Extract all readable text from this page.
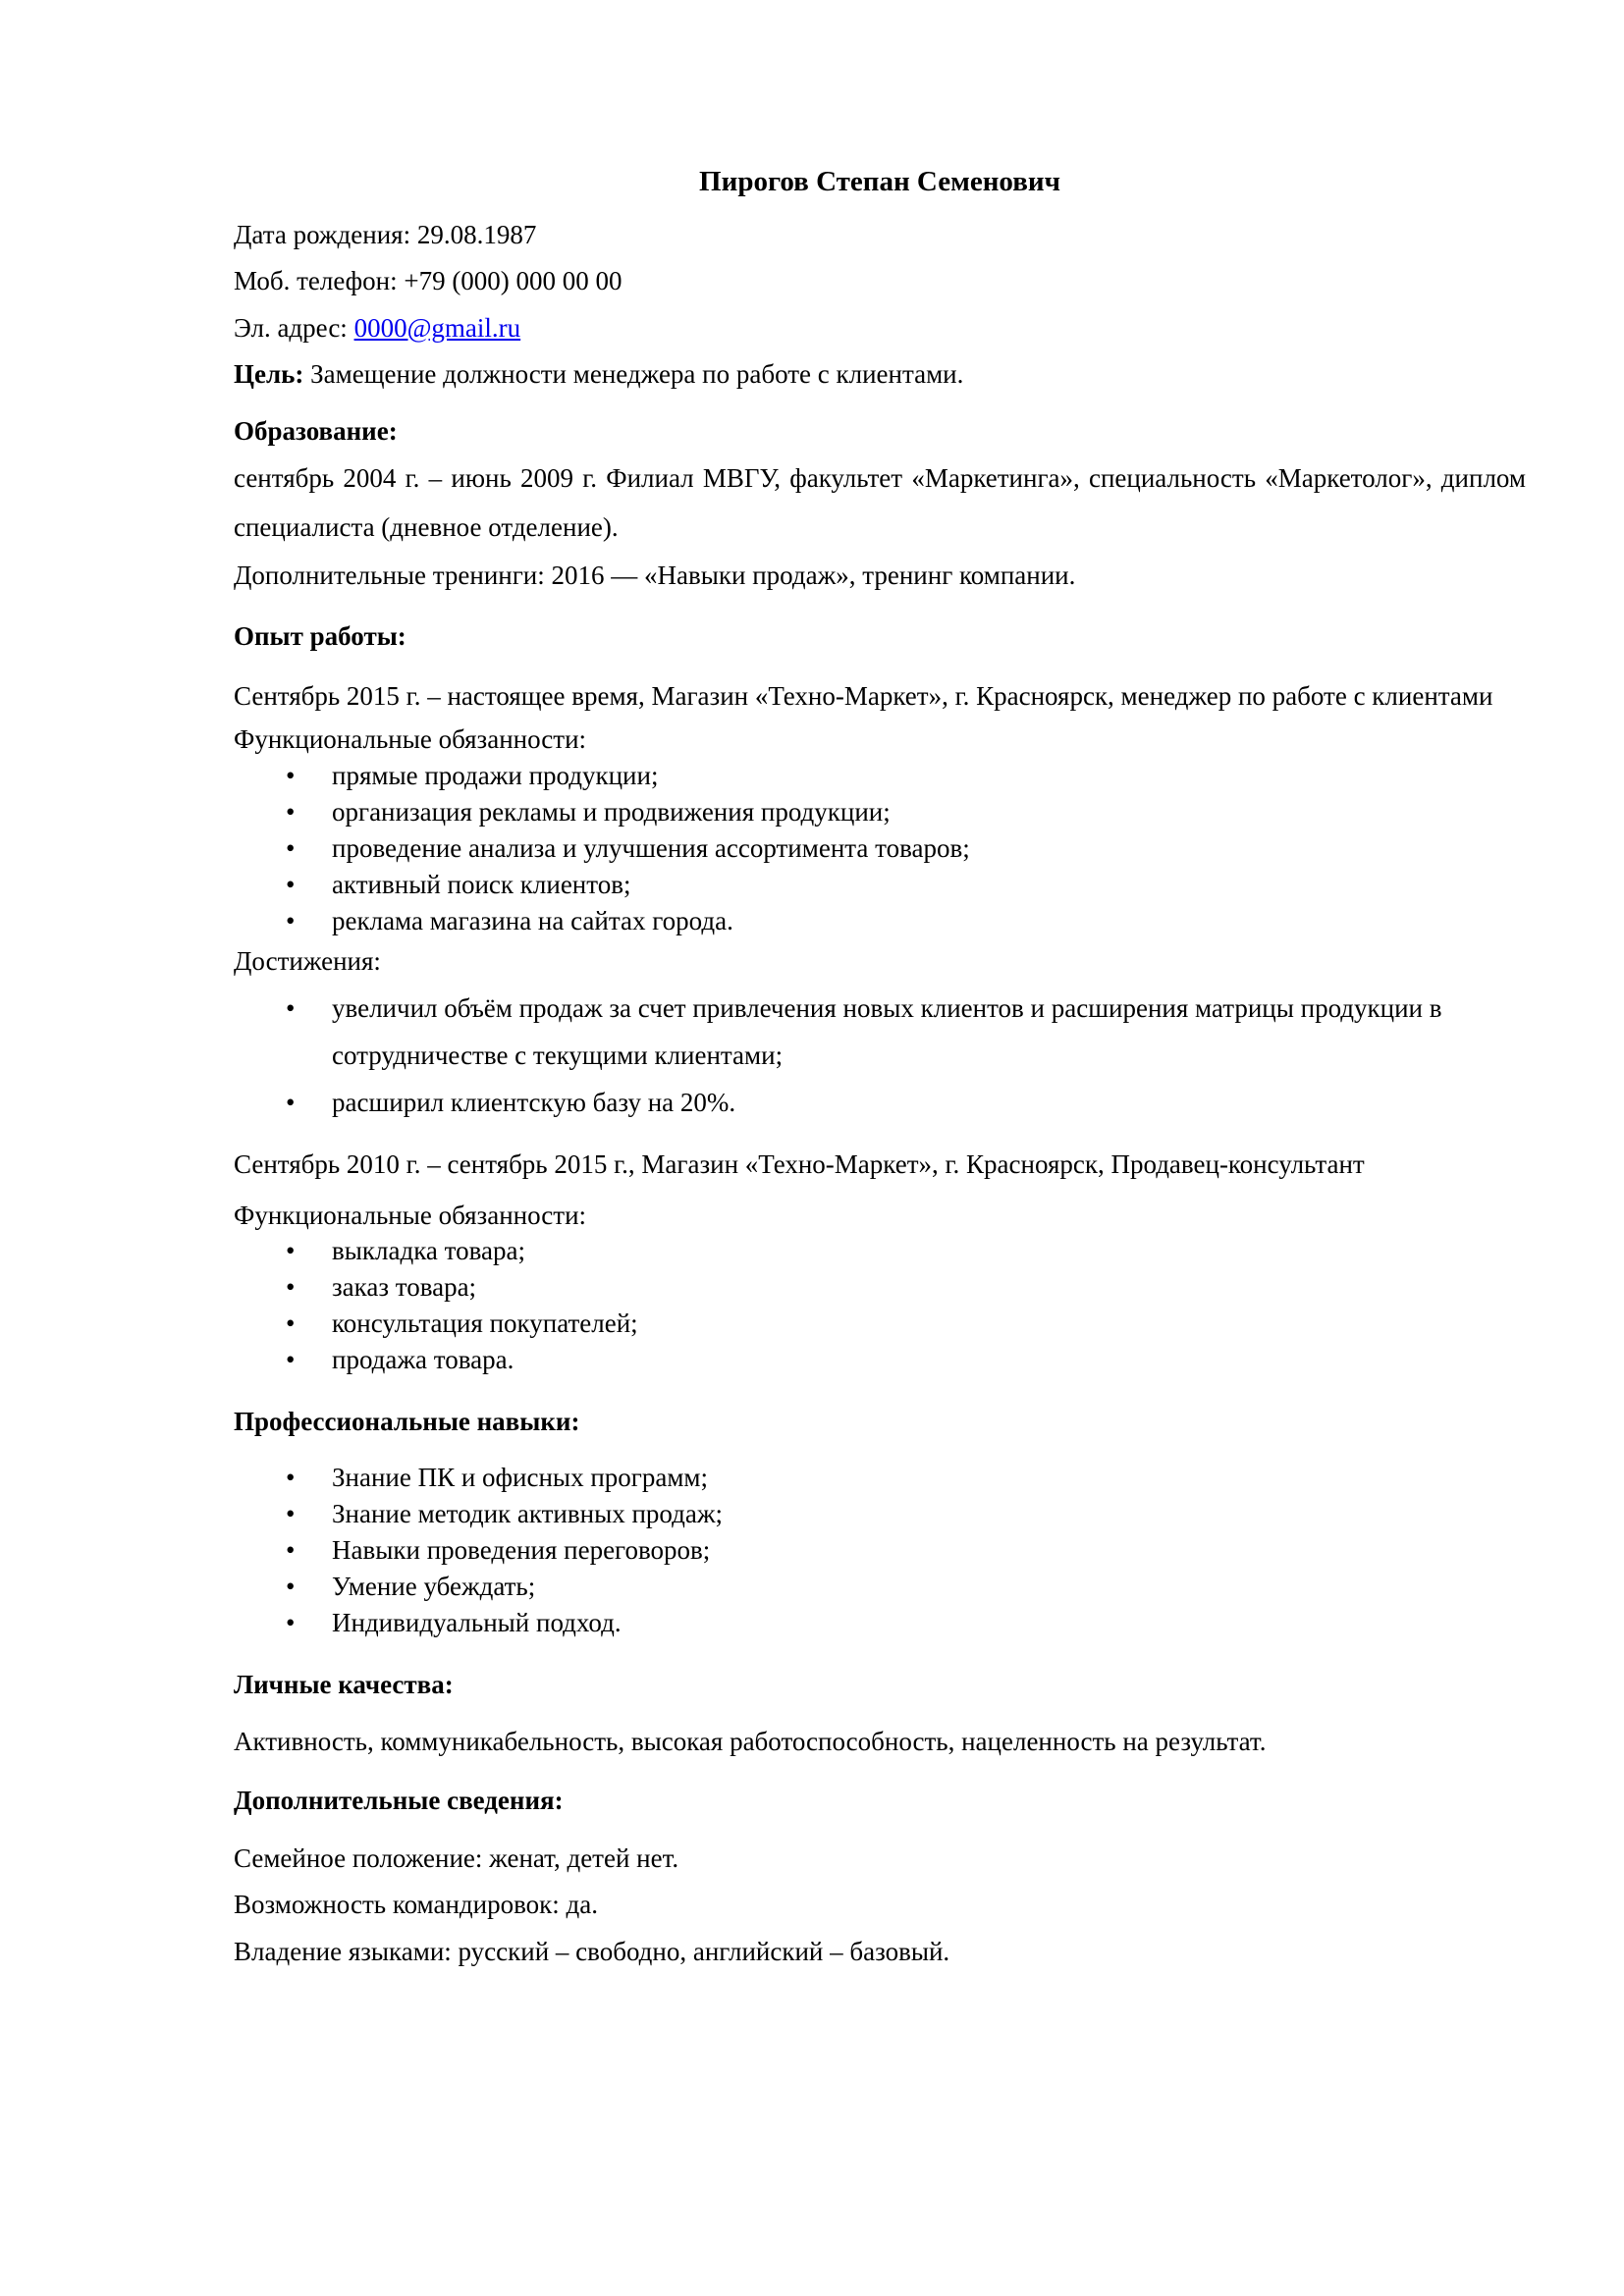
Пирогов Степан Семенович
Дата рождения: 29.08.1987
Моб. телефон: +79 (000) 000 00 00
Эл. адрес: 0000@gmail.ru
Цель: Замещение должности менеджера по работе с клиентами.
Образование:

сентябрь 2004 г. – июнь 2009 г. Филиал МВГУ, факультет «Маркетинга», специальность «Маркетолог», диплом специалиста (дневное отделение).

Дополнительные тренинги: 2016 — «Навыки продаж», тренинг компании.

Опыт работы:

Сентябрь 2015 г. – настоящее время, Магазин «Техно-Маркет», г. Красноярск, менеджер по работе с клиентами

Функциональные обязанности:
• прямые продажи продукции;
• организация рекламы и продвижения продукции;
• проведение анализа и улучшения ассортимента товаров;
• активный поиск клиентов;
• реклама магазина на сайтах города.
Достижения:
• увеличил объём продаж за счет привлечения новых клиентов и расширения матрицы продукции в сотрудничестве с текущими клиентами;
• расширил клиентскую базу на 20%.

Сентябрь 2010 г. – сентябрь 2015 г., Магазин «Техно-Маркет», г. Красноярск, Продавец-консультант

Функциональные обязанности:
• выкладка товара;
• заказ товара;
• консультация покупателей;
• продажа товара.
Профессиональные навыки:
• Знание ПК и офисных программ;
• Знание методик активных продаж;
• Навыки проведения переговоров;
• Умение убеждать;
• Индивидуальный подход.
Личные качества:
Активность, коммуникабельность, высокая работоспособность, нацеленность на результат.
Дополнительные сведения:
Семейное положение: женат, детей нет.
Возможность командировок: да.
Владение языками: русский – свободно, английский – базовый.
